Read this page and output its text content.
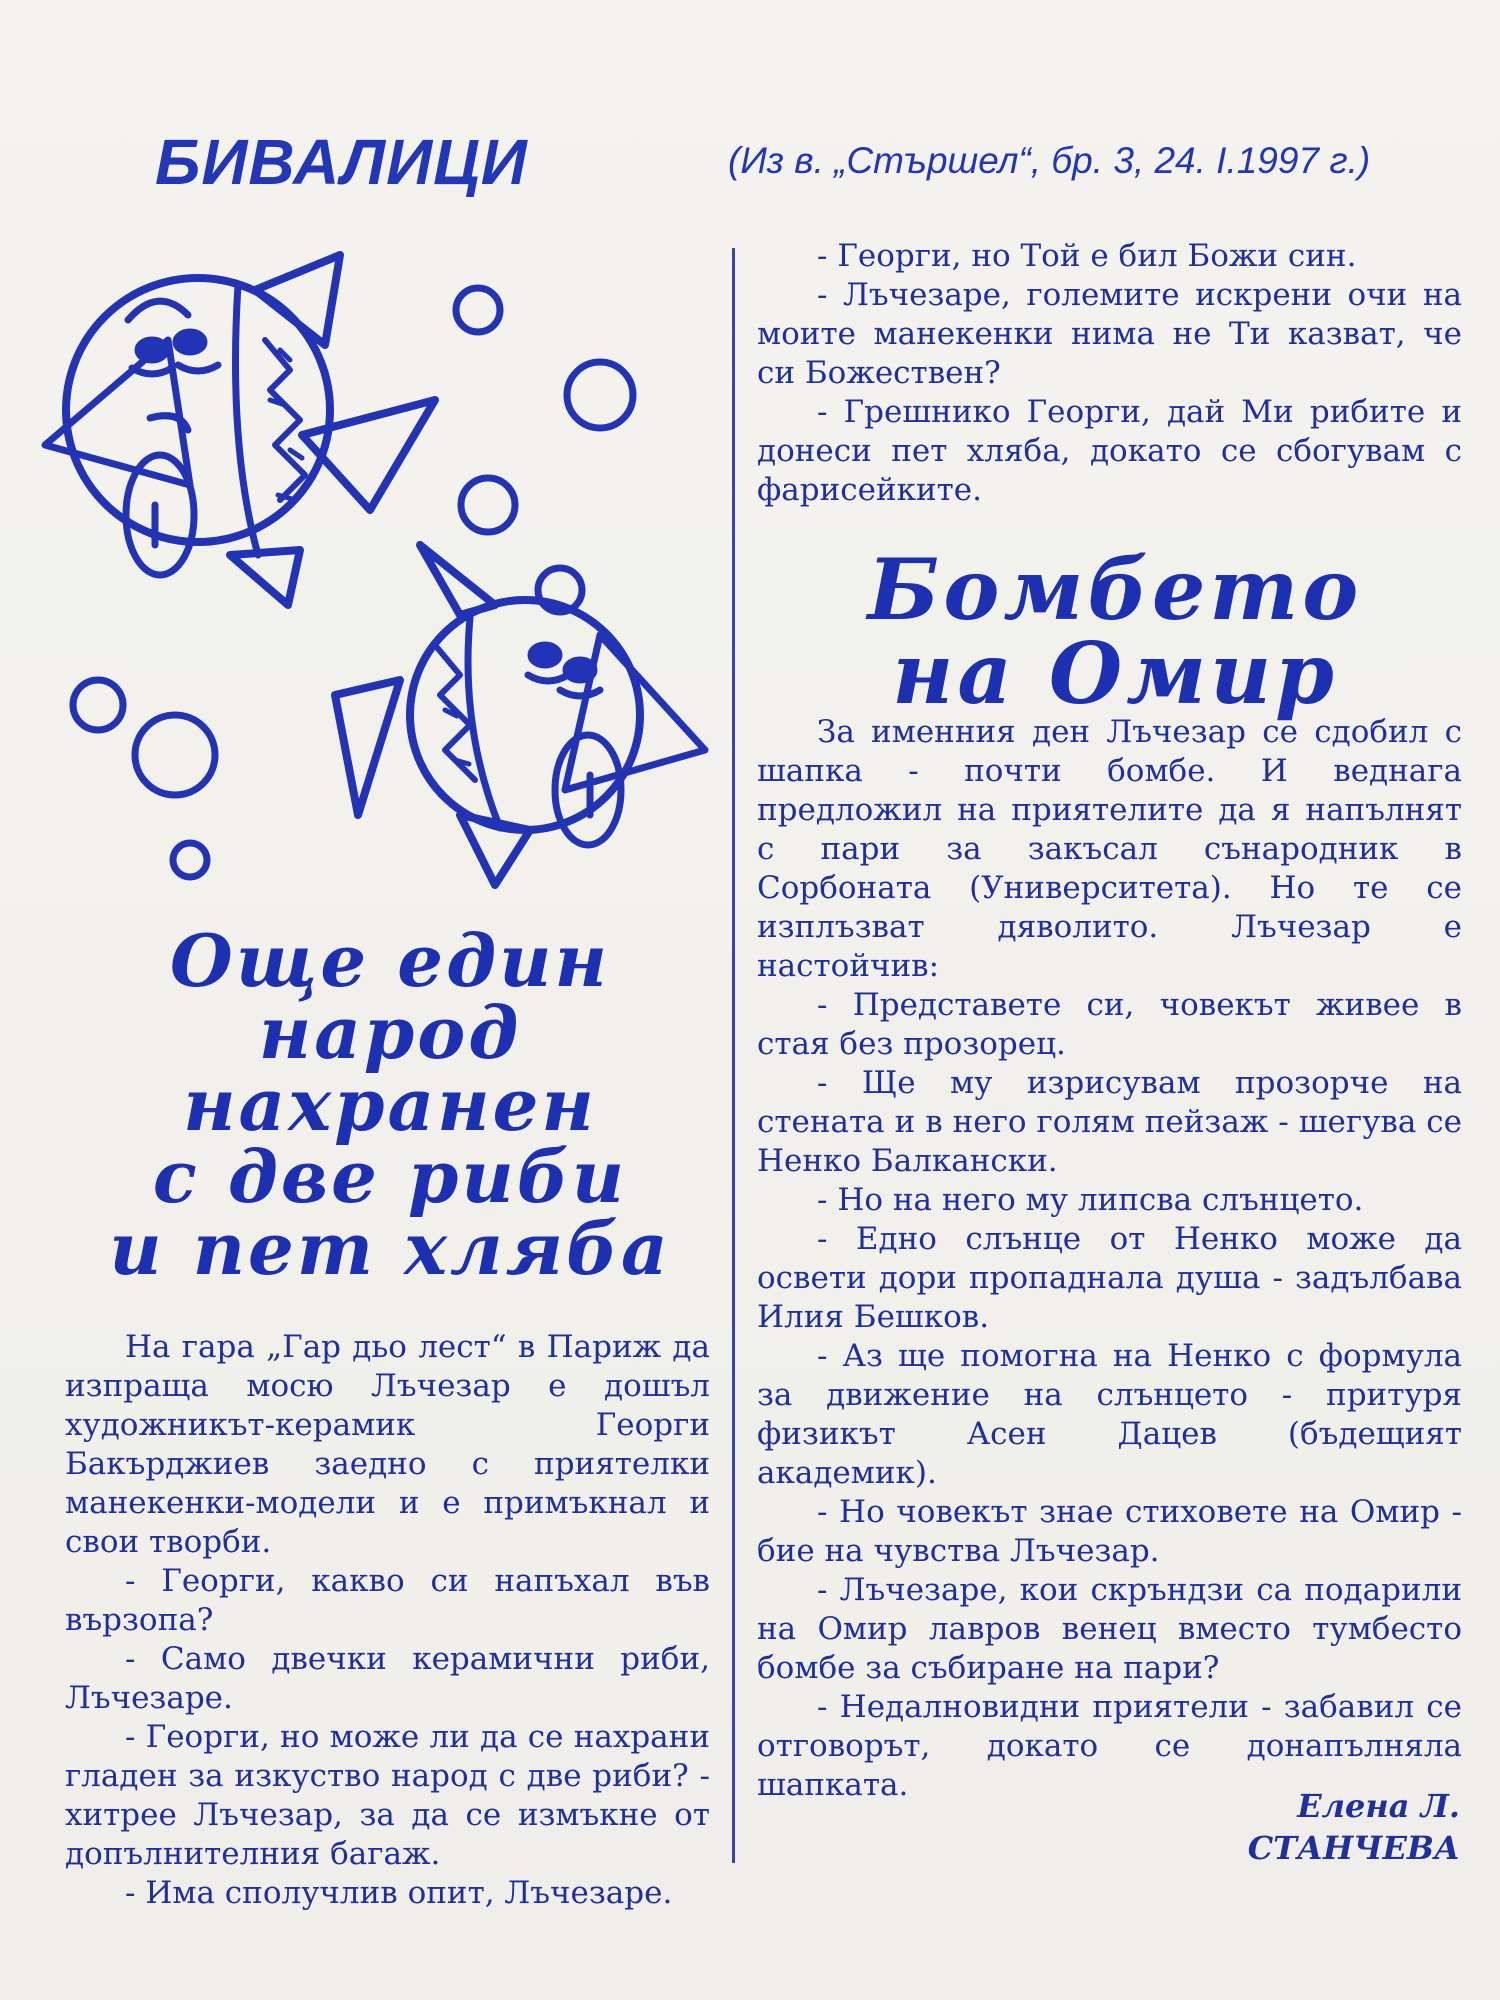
БИВАЛИЦИ	(Из в. „Стършел“, бр. 3, 24. I.1997 г.)

Още един
народ
нахранен
с две риби
и пет хляба

На гара „Гар дьо лест“ в Париж да изпраща мосю Лъчезар е дошъл художникът-керамик Георги Бакърджиев заедно с приятелки манекенки-модели и е примъкнал и свои творби.

- Георги, какво си напъхал във вързопа?

- Само двечки керамични риби, Лъчезаре.

- Георги, но може ли да се нахрани гладен за изкуство народ с две риби? - хитрее Лъчезар, за да се измъкне от допълнителния багаж.

- Има сполучлив опит, Лъчезаре.

- Георги, но Той е бил Божи син.

- Лъчезаре, големите искрени очи на моите манекенки нима не Ти казват, че си Божествен?

- Грешнико Георги, дай Ми рибите и донеси пет хляба, докато се сбогувам с фарисейките.

Бомбето
на Омир

За именния ден Лъчезар се сдобил с шапка - почти бомбе. И веднага предложил на приятелите да я напълнят с пари за закъсал сънародник в Сорбоната (Университета). Но те се изплъзват дяволито. Лъчезар е настойчив:

- Представете си, човекът живее в стая без прозорец.

- Ще му изрисувам прозорче на стената и в него голям пейзаж - шегува се Ненко Балкански.

- Но на него му липсва слънцето.

- Едно слънце от Ненко може да освети дори пропаднала душа - задълбава Илия Бешков.

- Аз ще помогна на Ненко с формула за движение на слънцето - притуря физикът Асен Дацев (бъдещият академик).

- Но човекът знае стиховете на Омир - бие на чувства Лъчезар.

- Лъчезаре, кои скръндзи са подарили на Омир лавров венец вместо тумбесто бомбе за събиране на пари?

- Недалновидни приятели - забавил се отговорът, докато се донапълняла шапката.

Елена Л.
СТАНЧЕВА
